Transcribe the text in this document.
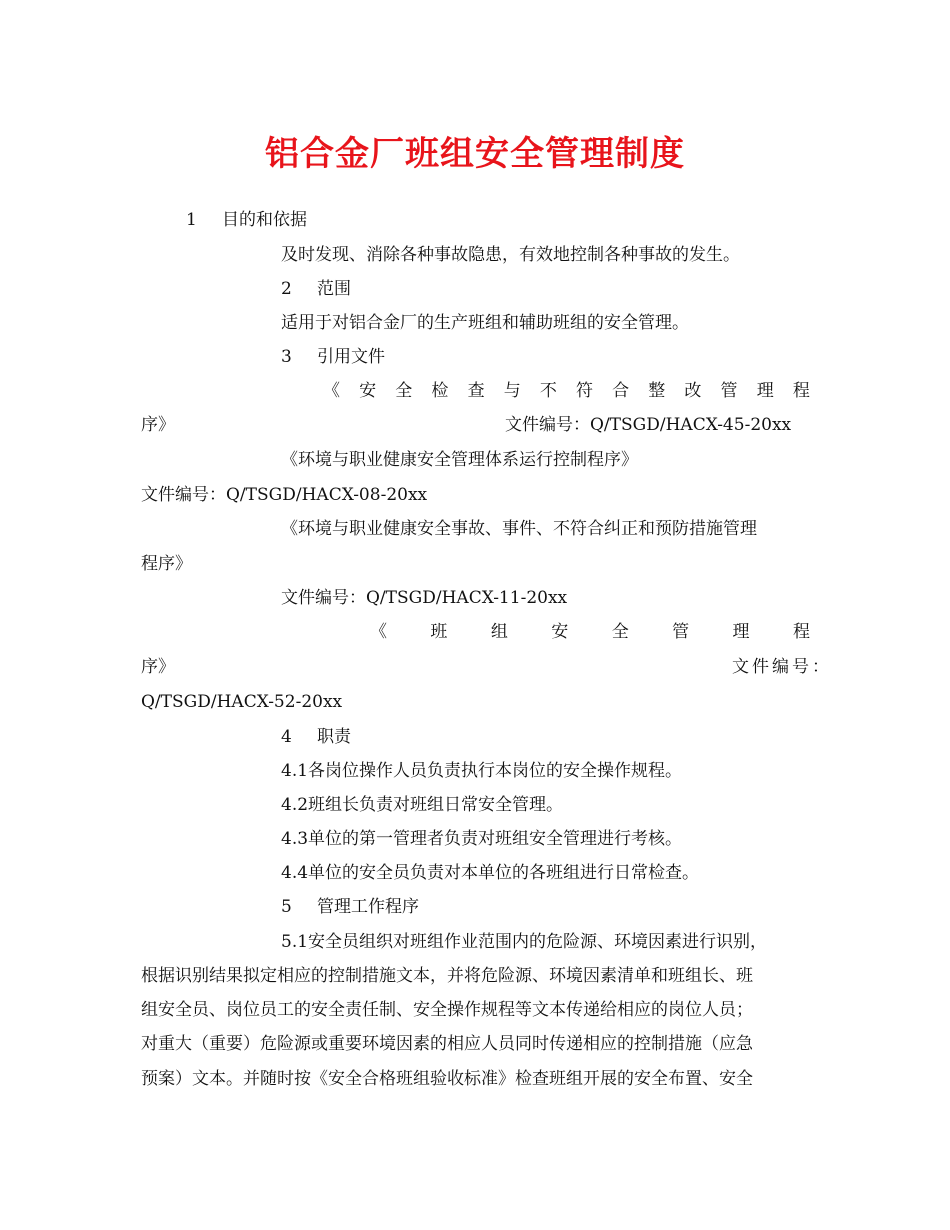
铝合金厂班组安全管理制度
1 目的和依据
及时发现、消除各种事故隐患，有效地控制各种事故的发生。
2 范围
适用于对铝合金厂的生产班组和辅助班组的安全管理。
3 引用文件
《 安 全 检 查 与 不 符 合 整 改 管 理 程
序》	文件编号：Q/TSGD/HACX-45-20xx
《环境与职业健康安全管理体系运行控制程序》
文件编号：Q/TSGD/HACX-08-20xx
《环境与职业健康安全事故、事件、不符合纠正和预防措施管理
程序》
文件编号：Q/TSGD/HACX-11-20xx
《	班	组	安	全	管	理	程
序》	文件编号：
Q/TSGD/HACX-52-20xx
4 职责
4.1各岗位操作人员负责执行本岗位的安全操作规程。
4.2班组长负责对班组日常安全管理。
4.3单位的第一管理者负责对班组安全管理进行考核。
4.4单位的安全员负责对本单位的各班组进行日常检查。
5 管理工作程序
5.1安全员组织对班组作业范围内的危险源、环境因素进行识别，
根据识别结果拟定相应的控制措施文本，并将危险源、环境因素清单和班组长、班
组安全员、岗位员工的安全责任制、安全操作规程等文本传递给相应的岗位人员；
对重大（重要）危险源或重要环境因素的相应人员同时传递相应的控制措施（应急
预案）文本。并随时按《安全合格班组验收标准》检查班组开展的安全布置、安全
